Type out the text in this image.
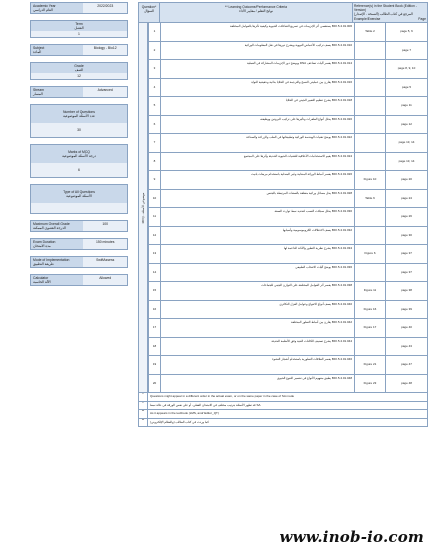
Academic Year
العام الدراسي
2022/2023
Term
الفصل
1
Subject
المادة
Biology - Bio12
Grade
الصف
12
Stream
المسار
Advanced
Number of Questions
عدد الأسئلة الموضوعية
30
Marks of MCQ
درجة الأسئلة الموضوعية
6
Type of All Questions
الأسئلة الموضوعية
Maximum Overall Grade
الدرجة القصوى الممكنة
100
Exam Duration
مدة الامتحان
150 minutes
Mode of Implementation
طريقة التطبيق
SwiftAssess
Calculator
الآلة الحاسبة
Allowed
Question*
السؤال
** Learning Outcome/Performance Criteria
نواتج التعلم / معايير الأداء
Reference(s) in the Student Book (Edition - Version)
المرجع في كتاب الطالب (النسخة - الإصدار)
Example/Exercise	Page
MCQ - موضوعي الأسئلة
1
BIO.5.4.01.006 يستقصي أثر الإنزيمات في تسريع التفاعلات الحيوية وكيفية تأثرها بالعوامل المختلفة
Table 2	page 5, 6
2
BIO.5.4.01.010 يصف تركيب الأحماض النووية ويشرح دورها في نقل المعلومات الوراثية
page 7
3
BIO.5.4.01.014 يفسر آليات تضاعف DNA ويوضح دور الإنزيمات المشاركة في العملية
page 8, 9, 10
4
BIO.5.4.01.016 يقارن بين عمليتي النسخ والترجمة في الخلايا بدائية وحقيقية النواة
page 5
5
BIO.5.4.01.018 يشرح تنظيم التعبير الجيني في الخلايا
page 11
6
BIO.5.4.01.020 يحلل أنواع الطفرات وتأثيرها على تركيب البروتين ووظيفته
page 12
7
BIO.5.4.01.022 يوضح تقنيات الهندسة الوراثية وتطبيقاتها في الطب والزراعة والصناعة
page 13, 14
8
BIO.5.4.01.024 يقيم الاستخدامات الأخلاقية للتقنيات الحيوية الحديثة وأثرها على المجتمع
page 13, 14
9
BIO.5.4.01.026 يفسر أنماط الوراثة المندلية وغير المندلية باستخدام مربعات بانيت
Figure 10	page 20
10
BIO.5.4.01.028 يحل مسائل وراثية متعلقة بالصفات المرتبطة بالجنس
Table 6	page 24
11
BIO.5.4.01.030 يحلل سجلات النسب لتحديد نمط توارث الصفة
page 26
12
BIO.5.4.01.032 يصف الاختلالات الكروموسومية وأسبابها
page 30
13
BIO.5.4.01.034 يشرح نظرية التطور والأدلة الداعمة لها
Figure 6	page 37
14
BIO.5.4.01.036 يوضح آليات الانتخاب الطبيعي
page 37
15
BIO.5.4.01.038 يفسر أثر العوامل المختلفة على التوازن الجيني للجماعات
Figure 11	page 38
16
BIO.5.4.01.040 يصف أنواع الانتواع وعوامل العزل التكاثري
Figure 16	page 39
17
BIO.5.4.01.042 يقارن بين أنماط التطور المختلفة
Figure 17	page 40
18
BIO.5.4.01.044 يشرح تصنيف الكائنات الحية وفق الأنظمة الحديثة
page 43
19
BIO.5.4.01.046 يفسر العلاقات التطورية باستخدام أشجار النشوء
Figure 21	page 47
20
BIO.5.4.01.048 يطبق مفهوم الأنواع في تفسير التنوع الحيوي
Figure 23	page 48
*	Questions might appear in a different order in the actual exam, or on the same paper in the case of SA mode
*	قد تظهر الأسئلة بترتيب مختلف في الامتحان الفعلي، أو على نفس الورقة في حالة نمط SA
**	As it appears in the textbook (LMS, and/ Editor_QT)
**	كما وردت في كتاب الطالب (والنظام الإلكتروني)
www.inob-io.com
